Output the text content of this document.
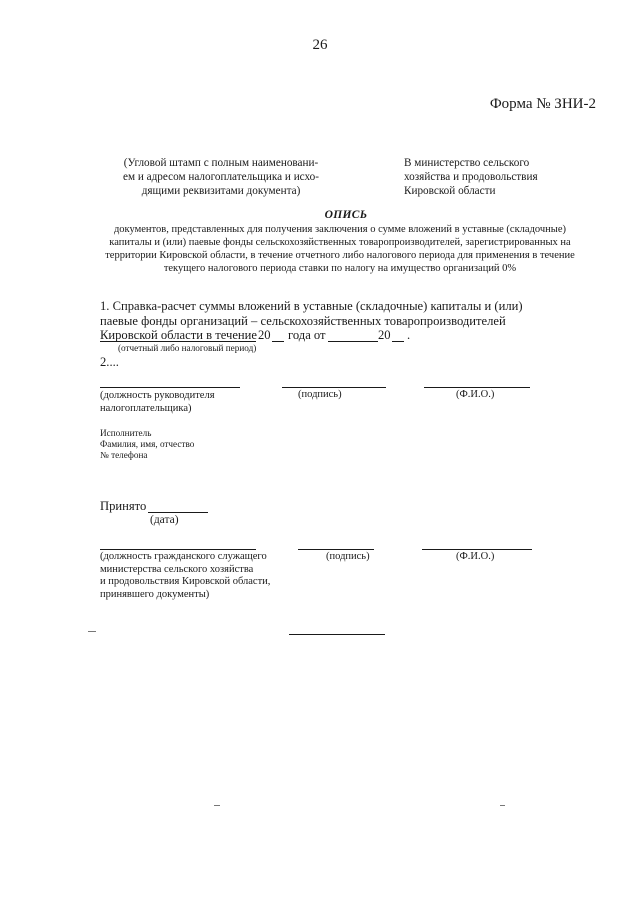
26
Форма № ЗНИ-2
(Угловой штамп с полным наименовани-
ем и адресом налогоплательщика и исхо-
дящими реквизитами документа)
В министерство сельского
хозяйства и продовольствия
Кировской области
ОПИСЬ
документов, представленных для получения заключения о сумме вложений в уставные (складочные) капиталы и (или) паевые фонды сельскохозяйственных товаропроизводителей, зарегистрированных на территории Кировской области, в течение отчетного либо налогового периода для применения в течение текущего налогового периода ставки по налогу на имущество организаций 0%
1. Справка-расчет суммы вложений в уставные (складочные) капиталы и (или) паевые фонды организаций – сельскохозяйственных товаропроизводителей Кировской области в течение 20 года от	20 .
(отчетный либо налоговый период)
2....
(должность руководителя
налогоплательщика)
(подпись)	(Ф.И.О.)
Исполнитель
Фамилия, имя, отчество
№ телефона
Принято
(дата)
(должность гражданского служащего
министерства сельского хозяйства
и продовольствия Кировской области,
принявшего документы)
(подпись)	(Ф.И.О.)
